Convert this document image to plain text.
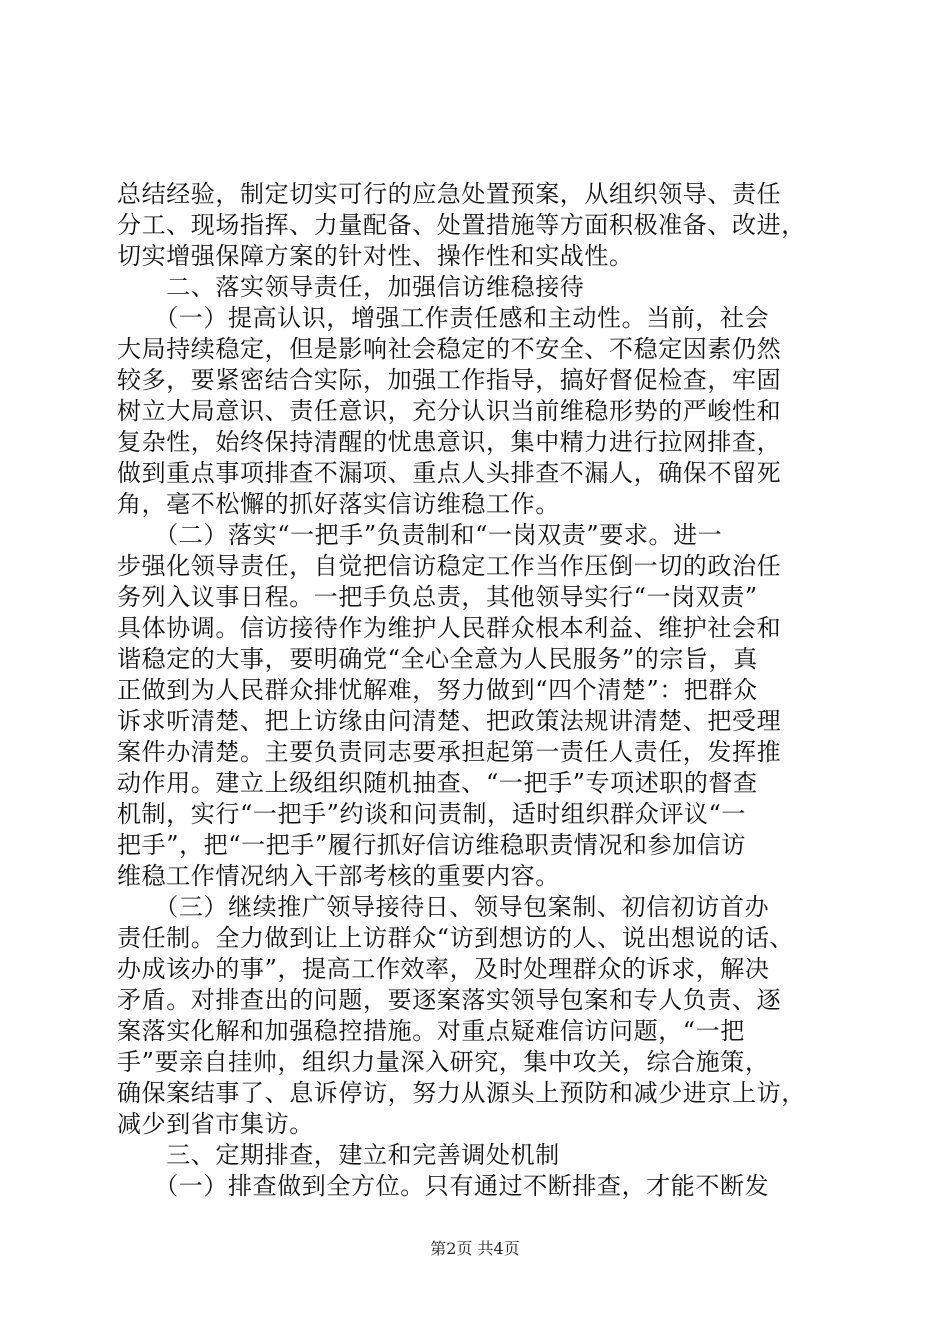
总结经验，制定切实可行的应急处置预案，从组织领导、责任
分工、现场指挥、力量配备、处置措施等方面积极准备、改进，
切实增强保障方案的针对性、操作性和实战性。
　　二、落实领导责任，加强信访维稳接待
　　（一）提高认识，增强工作责任感和主动性。当前，社会
大局持续稳定，但是影响社会稳定的不安全、不稳定因素仍然
较多，要紧密结合实际，加强工作指导，搞好督促检查，牢固
树立大局意识、责任意识，充分认识当前维稳形势的严峻性和
复杂性，始终保持清醒的忧患意识，集中精力进行拉网排查，
做到重点事项排查不漏项、重点人头排查不漏人，确保不留死
角，毫不松懈的抓好落实信访维稳工作。
　　（二）落实“一把手”负责制和“一岗双责”要求。进一
步强化领导责任，自觉把信访稳定工作当作压倒一切的政治任
务列入议事日程。一把手负总责，其他领导实行“一岗双责”
具体协调。信访接待作为维护人民群众根本利益、维护社会和
谐稳定的大事，要明确党“全心全意为人民服务”的宗旨，真
正做到为人民群众排忧解难，努力做到“四个清楚”：把群众
诉求听清楚、把上访缘由问清楚、把政策法规讲清楚、把受理
案件办清楚。主要负责同志要承担起第一责任人责任，发挥推
动作用。建立上级组织随机抽查、“一把手”专项述职的督查
机制，实行“一把手”约谈和问责制，适时组织群众评议“一
把手”，把“一把手”履行抓好信访维稳职责情况和参加信访
维稳工作情况纳入干部考核的重要内容。
　　（三）继续推广领导接待日、领导包案制、初信初访首办
责任制。全力做到让上访群众“访到想访的人、说出想说的话、
办成该办的事”，提高工作效率，及时处理群众的诉求，解决
矛盾。对排查出的问题，要逐案落实领导包案和专人负责、逐
案落实化解和加强稳控措施。对重点疑难信访问题，“一把
手”要亲自挂帅，组织力量深入研究，集中攻关，综合施策，
确保案结事了、息诉停访，努力从源头上预防和减少进京上访，
减少到省市集访。
　　三、定期排查，建立和完善调处机制
　　（一）排查做到全方位。只有通过不断排查，才能不断发
第2页 共4页
